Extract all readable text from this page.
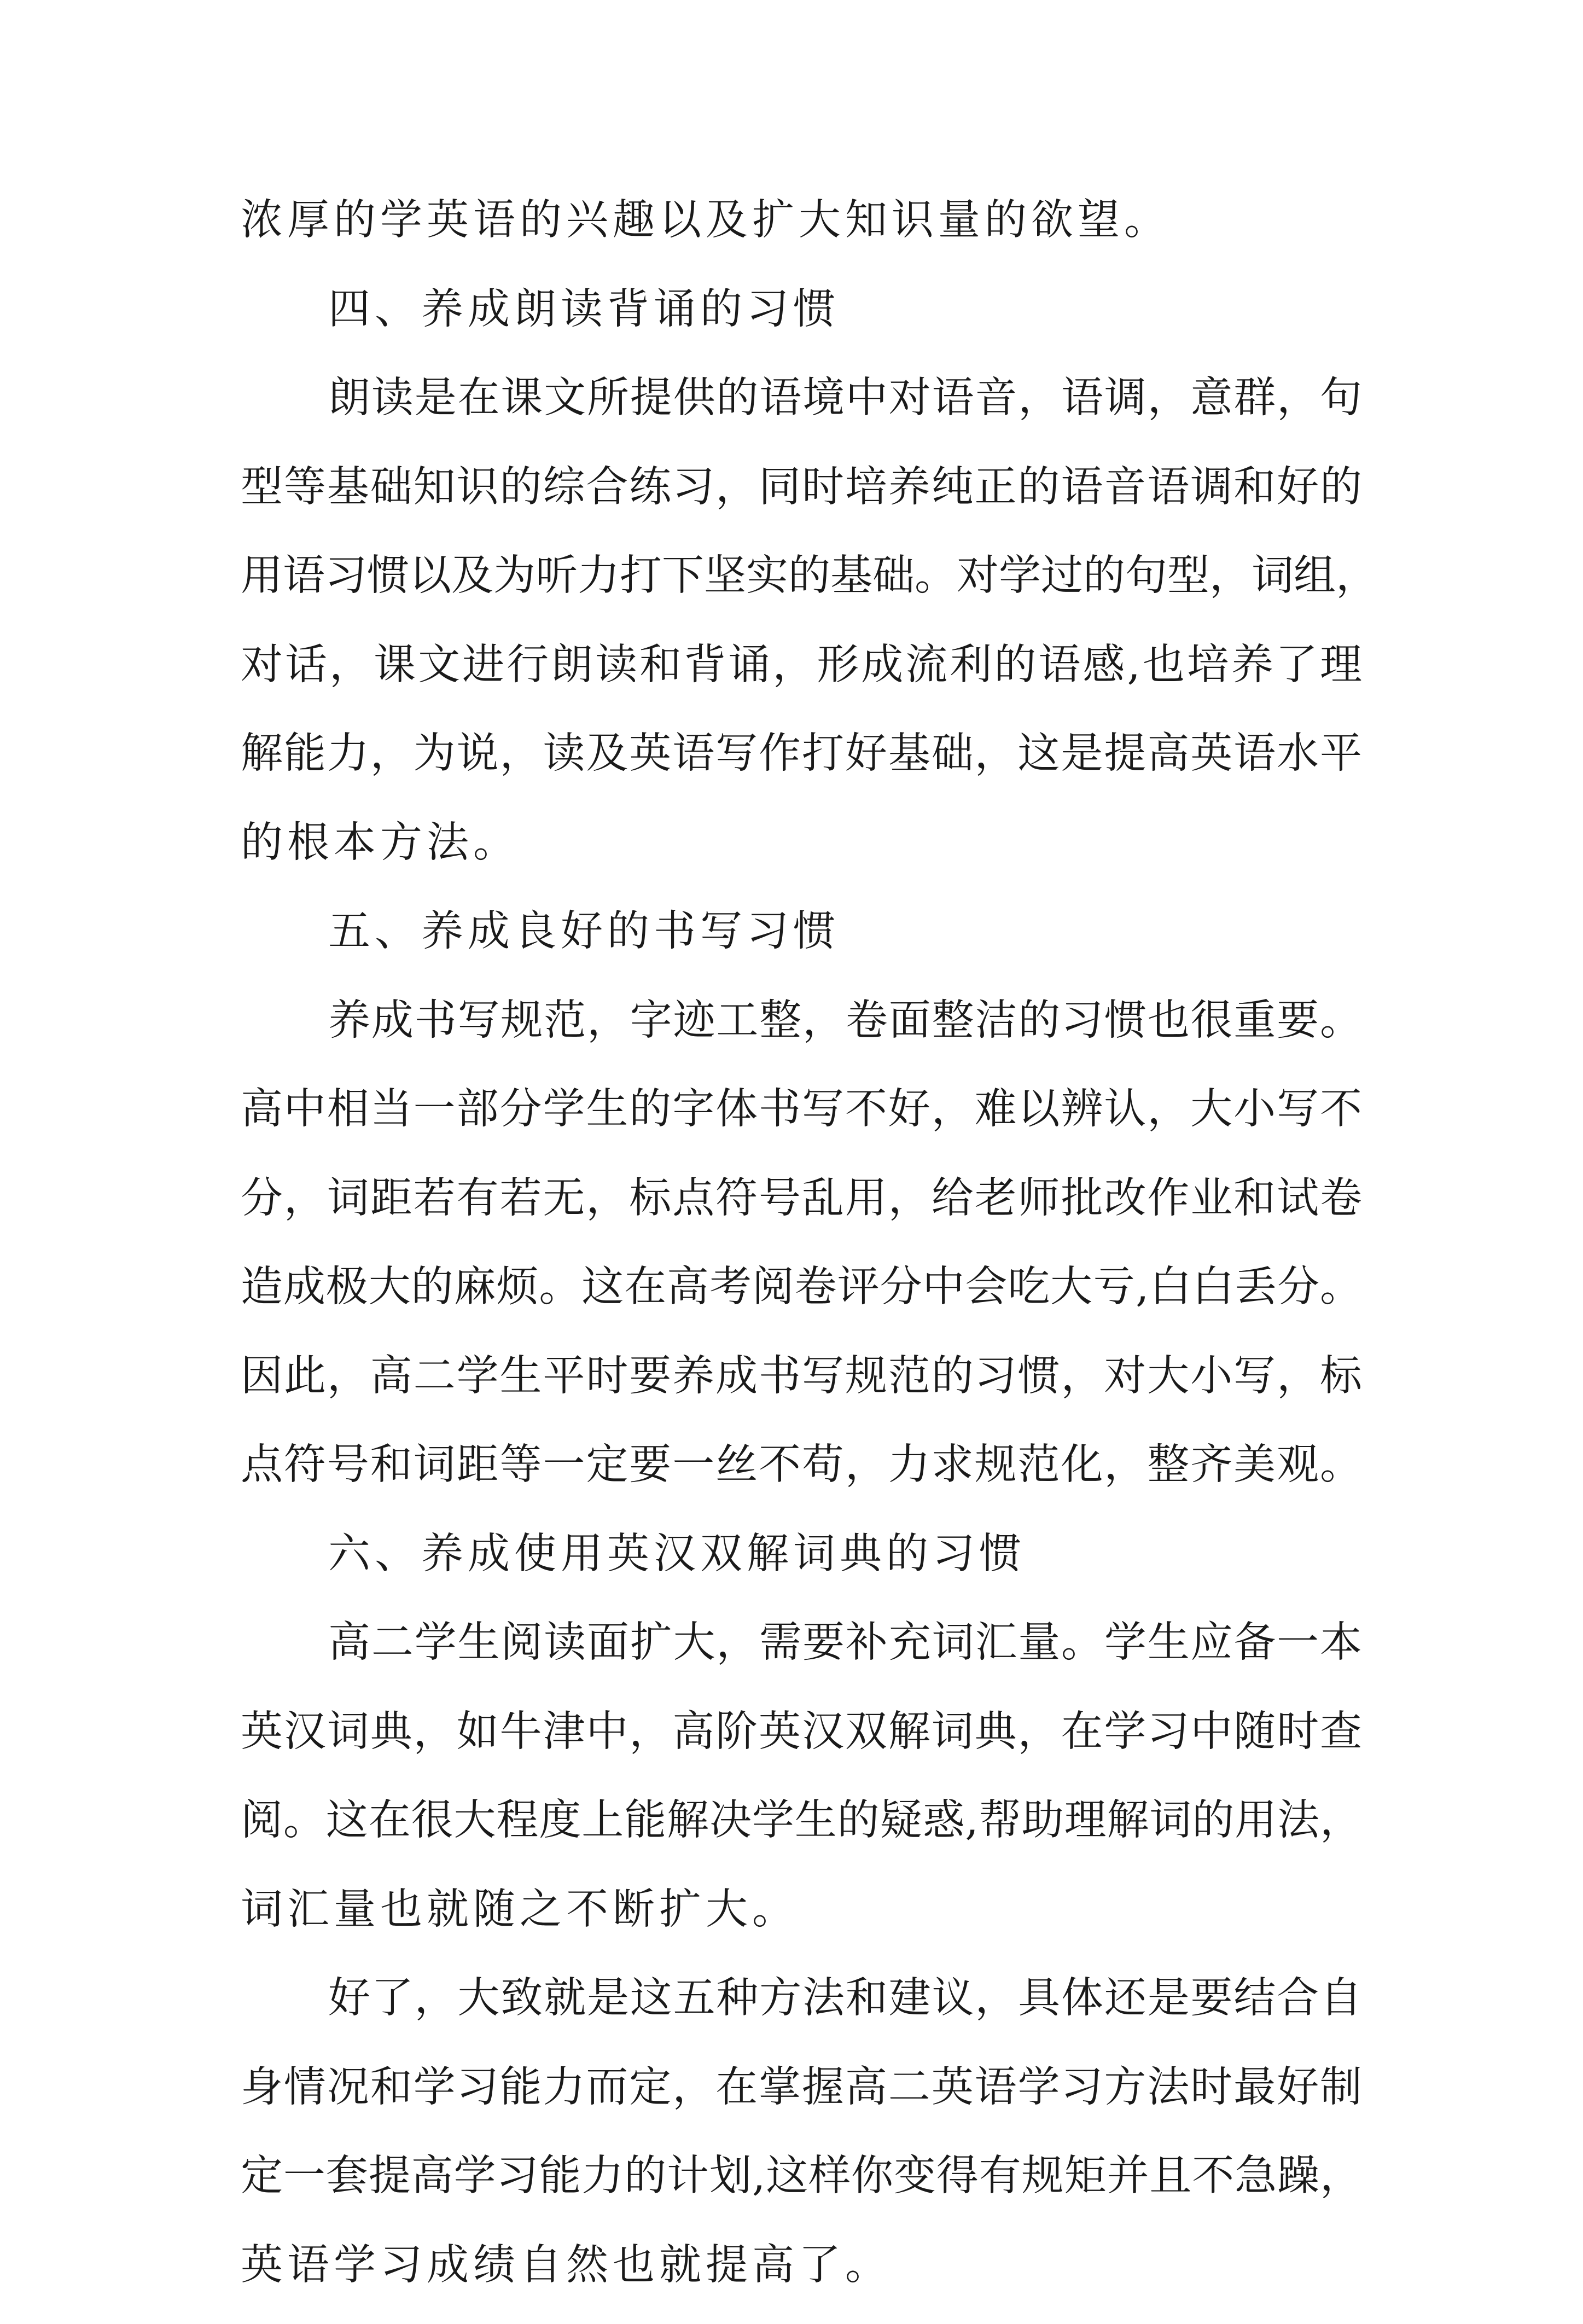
浓厚的学英语的兴趣以及扩大知识量的欲望。
四、养成朗读背诵的习惯
朗读是在课文所提供的语境中对语音，语调，意群，句
型等基础知识的综合练习，同时培养纯正的语音语调和好的
用语习惯以及为听力打下坚实的基础。对学过的句型，词组，
对话，课文进行朗读和背诵，形成流利的语感,也培养了理
解能力，为说，读及英语写作打好基础，这是提高英语水平
的根本方法。
五、养成良好的书写习惯
养成书写规范，字迹工整，卷面整洁的习惯也很重要。
高中相当一部分学生的字体书写不好，难以辨认，大小写不
分，词距若有若无，标点符号乱用，给老师批改作业和试卷
造成极大的麻烦。这在高考阅卷评分中会吃大亏,白白丢分。
因此，高二学生平时要养成书写规范的习惯，对大小写，标
点符号和词距等一定要一丝不苟，力求规范化，整齐美观。
六、养成使用英汉双解词典的习惯
高二学生阅读面扩大，需要补充词汇量。学生应备一本
英汉词典，如牛津中，高阶英汉双解词典，在学习中随时查
阅。这在很大程度上能解决学生的疑惑,帮助理解词的用法，
词汇量也就随之不断扩大。
好了，大致就是这五种方法和建议，具体还是要结合自
身情况和学习能力而定，在掌握高二英语学习方法时最好制
定一套提高学习能力的计划,这样你变得有规矩并且不急躁，
英语学习成绩自然也就提高了。
